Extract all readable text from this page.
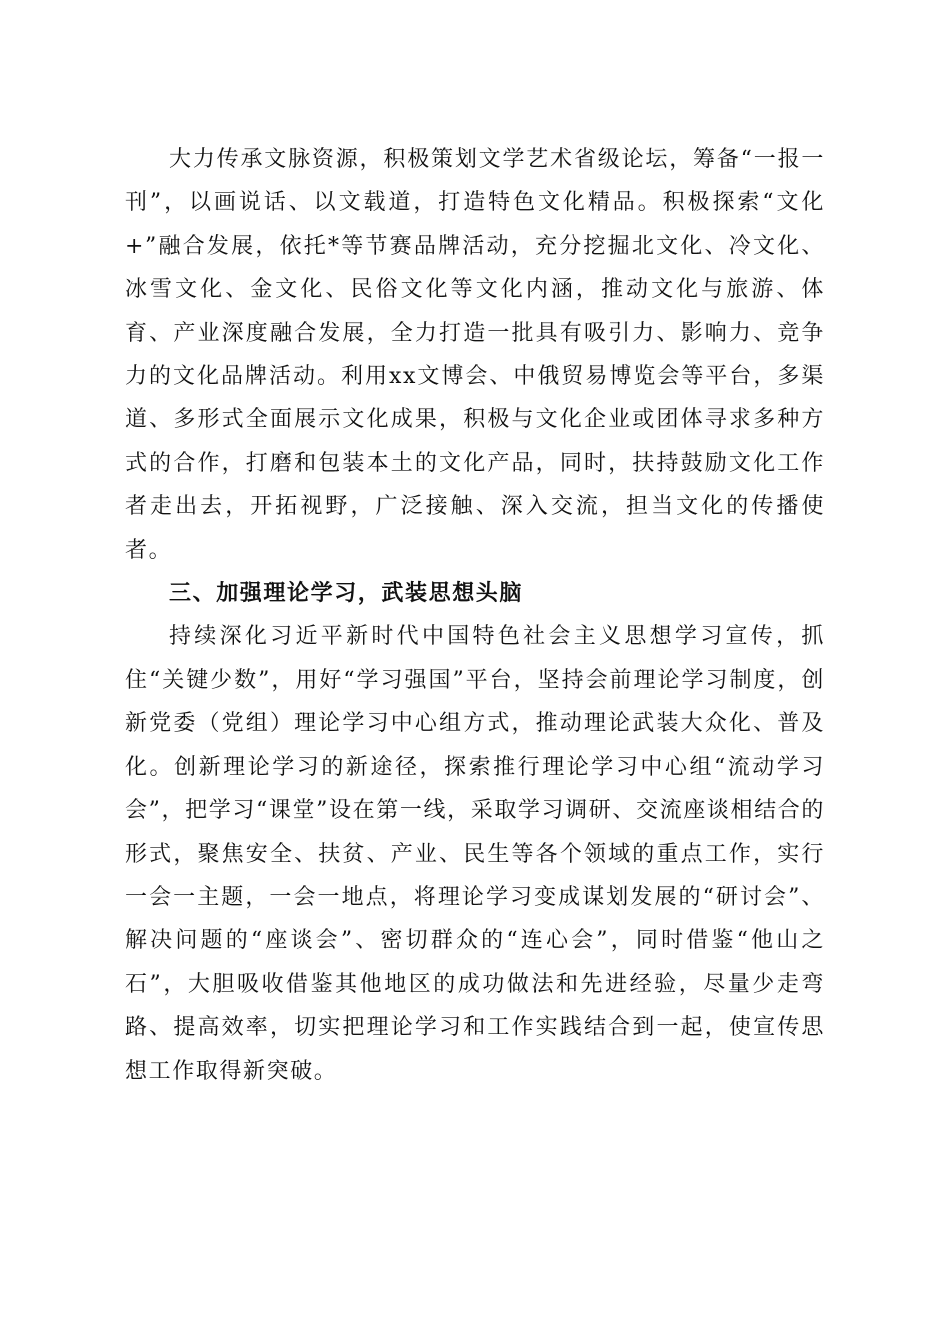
大力传承文脉资源，积极策划文学艺术省级论坛，筹备“一报一刊”，以画说话、以文载道，打造特色文化精品。积极探索“文化+”融合发展，依托*等节赛品牌活动，充分挖掘北文化、冷文化、冰雪文化、金文化、民俗文化等文化内涵，推动文化与旅游、体育、产业深度融合发展，全力打造一批具有吸引力、影响力、竞争力的文化品牌活动。利用xx文博会、中俄贸易博览会等平台，多渠道、多形式全面展示文化成果，积极与文化企业或团体寻求多种方式的合作，打磨和包装本土的文化产品，同时，扶持鼓励文化工作者走出去，开拓视野，广泛接触、深入交流，担当文化的传播使者。

三、加强理论学习，武装思想头脑

持续深化习近平新时代中国特色社会主义思想学习宣传，抓住“关键少数”，用好“学习强国”平台，坚持会前理论学习制度，创新党委（党组）理论学习中心组方式，推动理论武装大众化、普及化。创新理论学习的新途径，探索推行理论学习中心组“流动学习会”，把学习“课堂”设在第一线，采取学习调研、交流座谈相结合的形式，聚焦安全、扶贫、产业、民生等各个领域的重点工作，实行一会一主题，一会一地点，将理论学习变成谋划发展的“研讨会”、解决问题的“座谈会”、密切群众的“连心会”，同时借鉴“他山之石”，大胆吸收借鉴其他地区的成功做法和先进经验，尽量少走弯路、提高效率，切实把理论学习和工作实践结合到一起，使宣传思想工作取得新突破。
